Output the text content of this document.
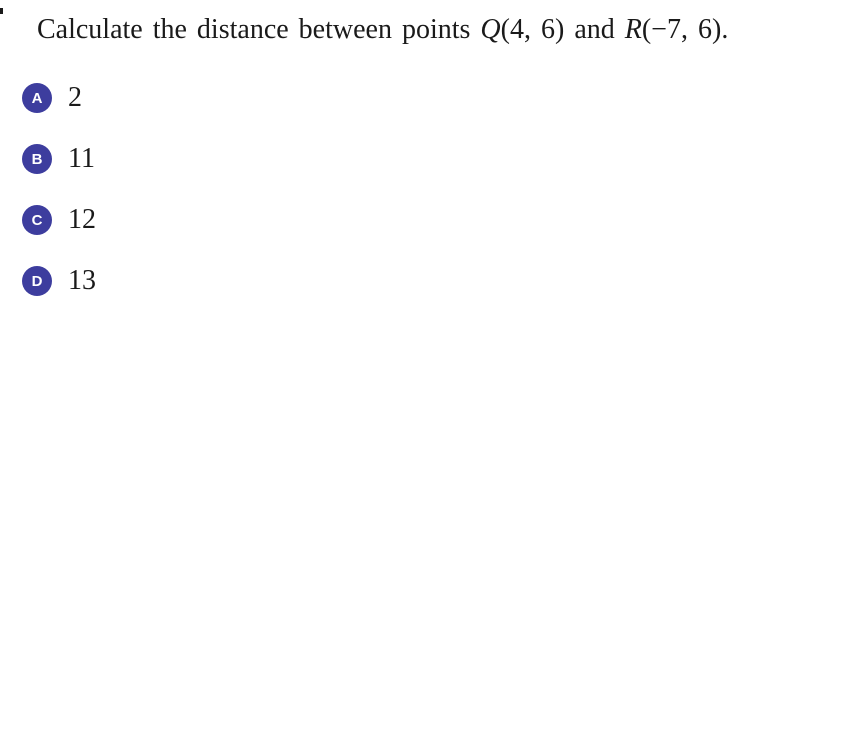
Calculate the distance between points Q(4, 6) and R(−7, 6).
A 2
B 11
C 12
D 13
